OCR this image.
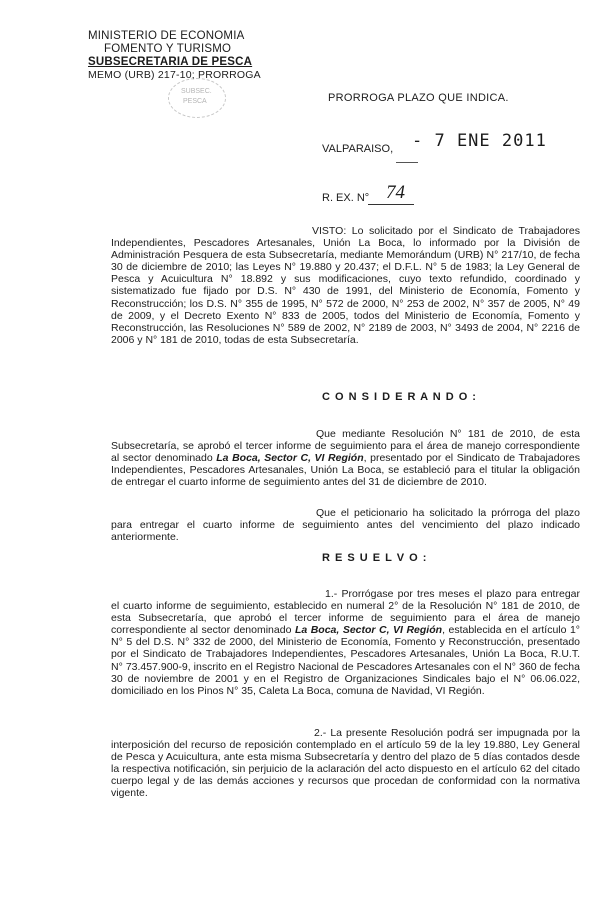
MINISTERIO DE ECONOMIA
FOMENTO Y TURISMO
SUBSECRETARIA DE PESCA
MEMO (URB) 217-10; PRORROGA
SUBSEC.
PESCA	PRORROGA PLAZO QUE INDICA.
VALPARAISO, - 7 ENE 2011
R. EX. N° 74
VISTO: Lo solicitado por el Sindicato de Trabajadores Independientes, Pescadores Artesanales, Unión La Boca, lo informado por la División de Administración Pesquera de esta Subsecretaría, mediante Memorándum (URB) N° 217/10, de fecha 30 de diciembre de 2010; las Leyes N° 19.880 y 20.437; el D.F.L. N° 5 de 1983; la Ley General de Pesca y Acuicultura N° 18.892 y sus modificaciones, cuyo texto refundido, coordinado y sistematizado fue fijado por D.S. N° 430 de 1991, del Ministerio de Economía, Fomento y Reconstrucción; los D.S. N° 355 de 1995, N° 572 de 2000, N° 253 de 2002, N° 357 de 2005, N° 49 de 2009, y el Decreto Exento N° 833 de 2005, todos del Ministerio de Economía, Fomento y Reconstrucción, las Resoluciones N° 589 de 2002, N° 2189 de 2003, N° 3493 de 2004, N° 2216 de 2006 y N° 181 de 2010, todas de esta Subsecretaría.
C O N S I D E R A N D O :
Que mediante Resolución N° 181 de 2010, de esta Subsecretaría, se aprobó el tercer informe de seguimiento para el área de manejo correspondiente al sector denominado La Boca, Sector C, VI Región, presentado por el Sindicato de Trabajadores Independientes, Pescadores Artesanales, Unión La Boca, se estableció para el titular la obligación de entregar el cuarto informe de seguimiento antes del 31 de diciembre de 2010.
Que el peticionario ha solicitado la prórroga del plazo para entregar el cuarto informe de seguimiento antes del vencimiento del plazo indicado anteriormente.
R E S U E L V O :
1.- Prorrógase por tres meses el plazo para entregar el cuarto informe de seguimiento, establecido en numeral 2° de la Resolución N° 181 de 2010, de esta Subsecretaría, que aprobó el tercer informe de seguimiento para el área de manejo correspondiente al sector denominado La Boca, Sector C, VI Región, establecida en el artículo 1° N° 5 del D.S. N° 332 de 2000, del Ministerio de Economía, Fomento y Reconstrucción, presentado por el Sindicato de Trabajadores Independientes, Pescadores Artesanales, Unión La Boca, R.U.T. N° 73.457.900-9, inscrito en el Registro Nacional de Pescadores Artesanales con el N° 360 de fecha 30 de noviembre de 2001 y en el Registro de Organizaciones Sindicales bajo el N° 06.06.022, domiciliado en los Pinos N° 35, Caleta La Boca, comuna de Navidad, VI Región.
2.- La presente Resolución podrá ser impugnada por la interposición del recurso de reposición contemplado en el artículo 59 de la ley 19.880, Ley General de Pesca y Acuicultura, ante esta misma Subsecretaría y dentro del plazo de 5 días contados desde la respectiva notificación, sin perjuicio de la aclaración del acto dispuesto en el artículo 62 del citado cuerpo legal y de las demás acciones y recursos que procedan de conformidad con la normativa vigente.
